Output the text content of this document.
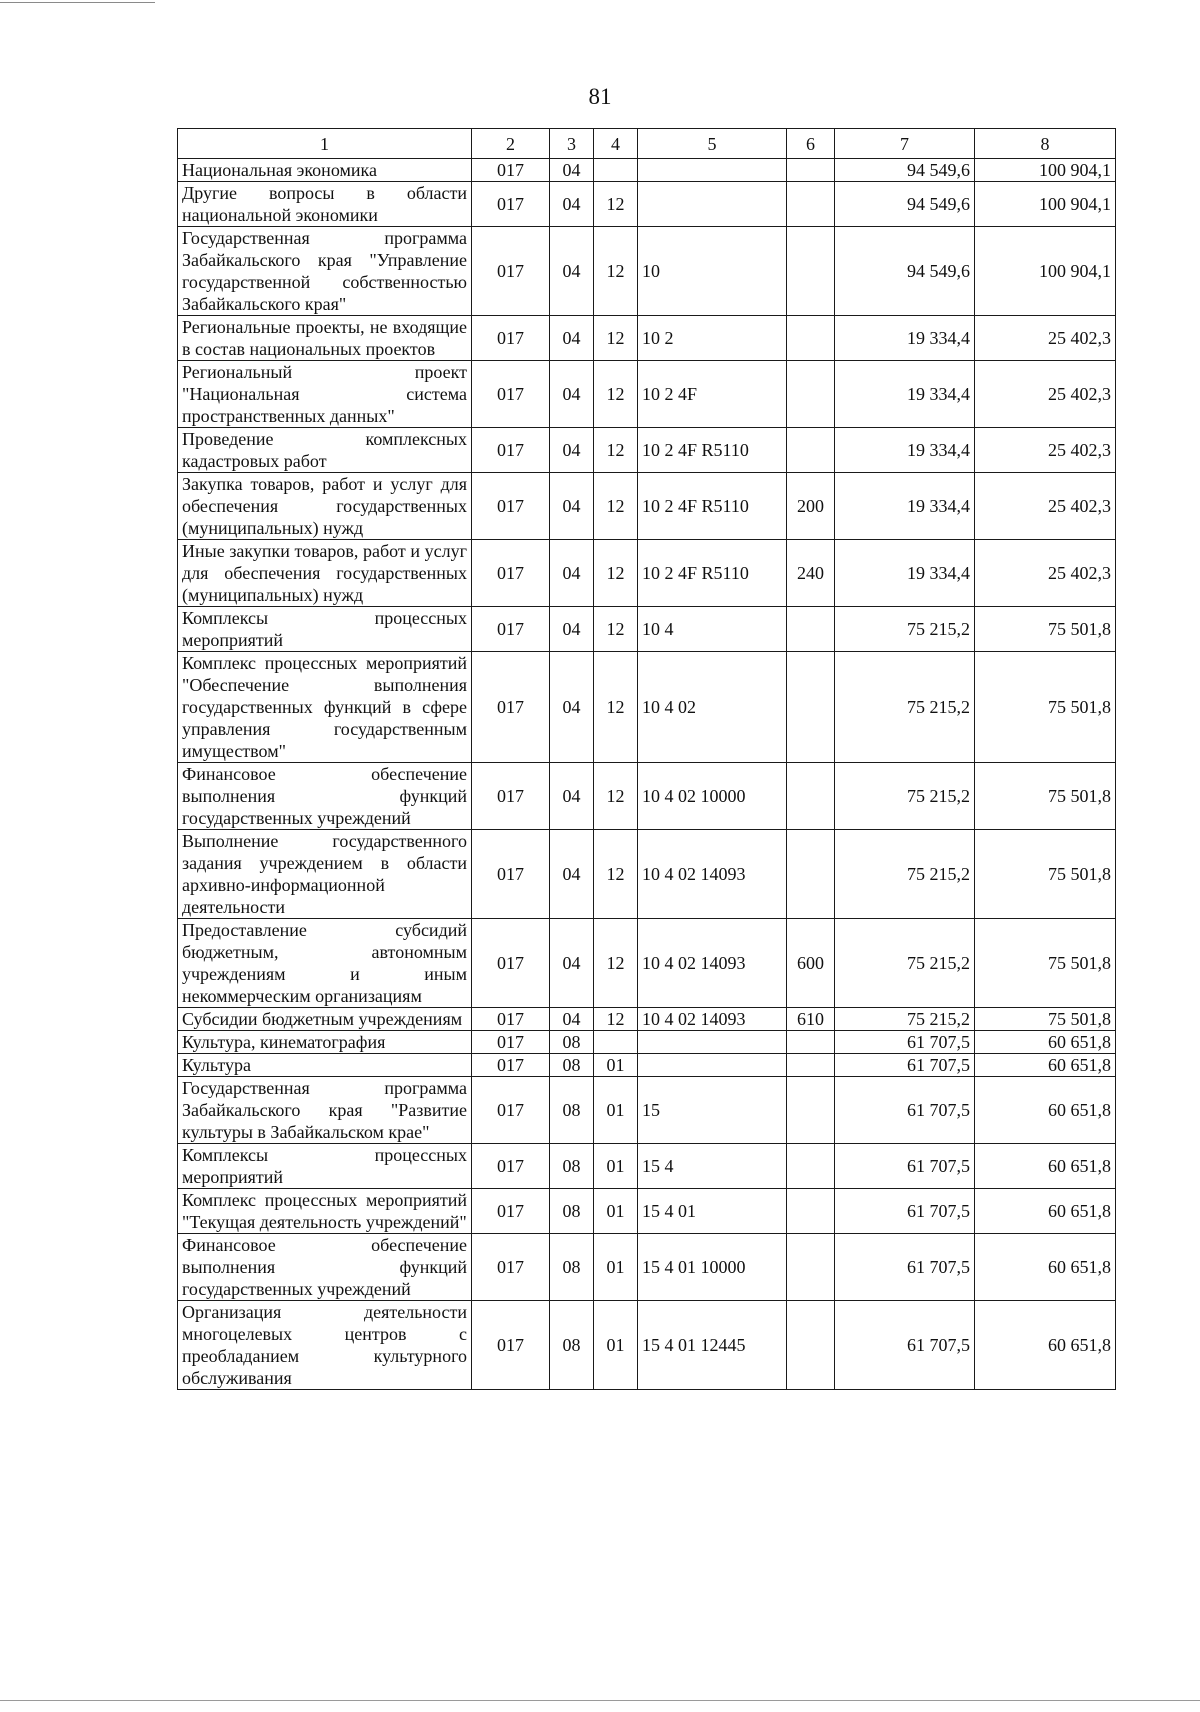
81
1	2	3	4	5	6	7	8
Национальная экономика	017	04				94 549,6	100 904,1
Другие вопросы в области национальной экономики	017	04	12			94 549,6	100 904,1
Государственная программа Забайкальского края "Управление государственной собственностью Забайкальского края"	017	04	12	10		94 549,6	100 904,1
Региональные проекты, не входящие в состав национальных проектов	017	04	12	10 2		19 334,4	25 402,3
Региональный проект "Национальная система пространственных данных"	017	04	12	10 2 4F		19 334,4	25 402,3
Проведение комплексных кадастровых работ	017	04	12	10 2 4F R5110		19 334,4	25 402,3
Закупка товаров, работ и услуг для обеспечения государственных (муниципальных) нужд	017	04	12	10 2 4F R5110	200	19 334,4	25 402,3
Иные закупки товаров, работ и услуг для обеспечения государственных (муниципальных) нужд	017	04	12	10 2 4F R5110	240	19 334,4	25 402,3
Комплексы процессных мероприятий	017	04	12	10 4		75 215,2	75 501,8
Комплекс процессных мероприятий "Обеспечение выполнения государственных функций в сфере управления государственным имуществом"	017	04	12	10 4 02		75 215,2	75 501,8
Финансовое обеспечение выполнения функций государственных учреждений	017	04	12	10 4 02 10000		75 215,2	75 501,8
Выполнение государственного задания учреждением в области архивно-информационной деятельности	017	04	12	10 4 02 14093		75 215,2	75 501,8
Предоставление субсидий бюджетным, автономным учреждениям и иным некоммерческим организациям	017	04	12	10 4 02 14093	600	75 215,2	75 501,8
Субсидии бюджетным учреждениям	017	04	12	10 4 02 14093	610	75 215,2	75 501,8
Культура, кинематография	017	08				61 707,5	60 651,8
Культура	017	08	01			61 707,5	60 651,8
Государственная программа Забайкальского края "Развитие культуры в Забайкальском крае"	017	08	01	15		61 707,5	60 651,8
Комплексы процессных мероприятий	017	08	01	15 4		61 707,5	60 651,8
Комплекс процессных мероприятий "Текущая деятельность учреждений"	017	08	01	15 4 01		61 707,5	60 651,8
Финансовое обеспечение выполнения функций государственных учреждений	017	08	01	15 4 01 10000		61 707,5	60 651,8
Организация деятельности многоцелевых центров с преобладанием культурного обслуживания	017	08	01	15 4 01 12445		61 707,5	60 651,8
